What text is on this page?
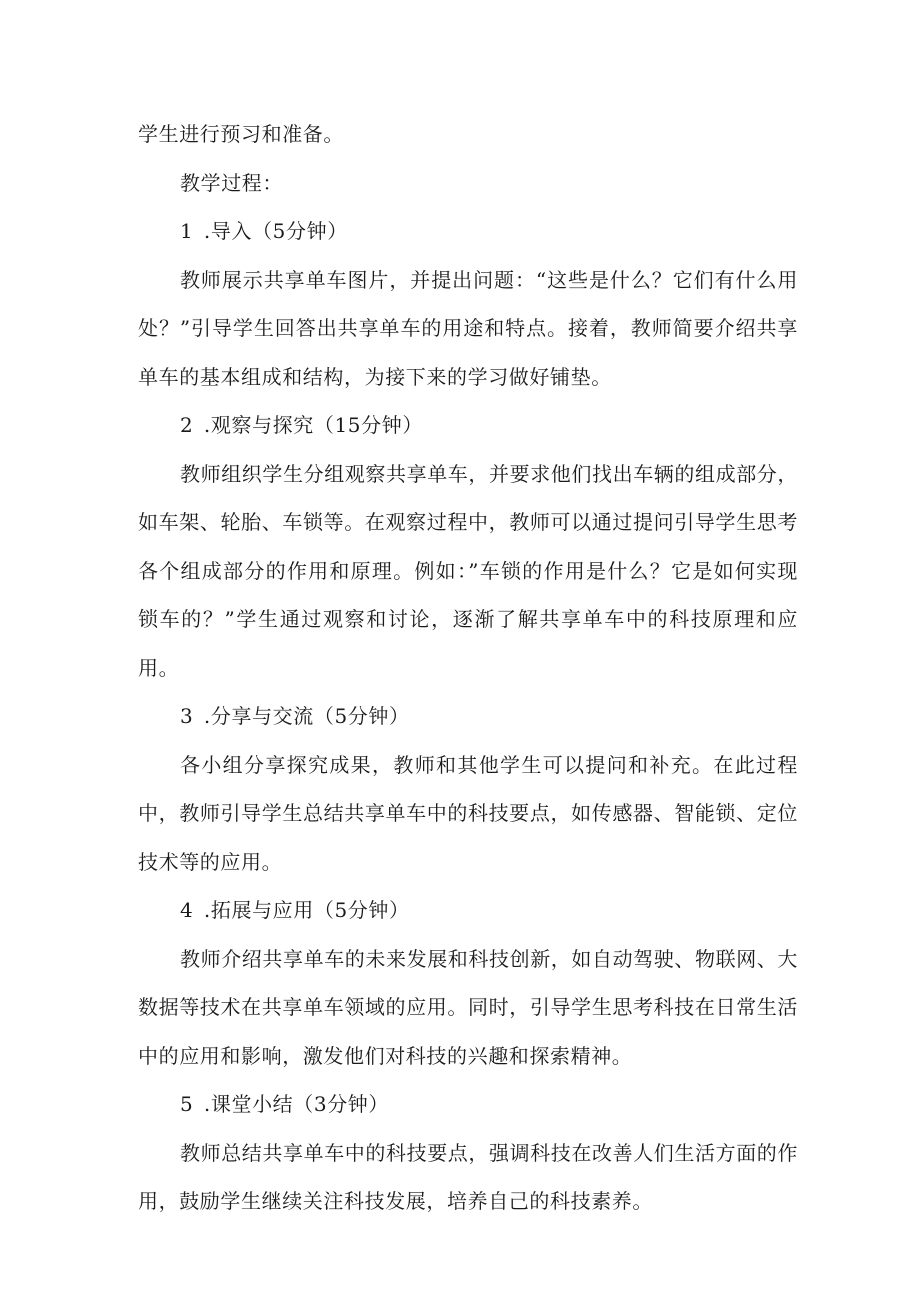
学生进行预习和准备。

教学过程：

1 .导入（5分钟）

教师展示共享单车图片，并提出问题：“这些是什么？它们有什么用处？”引导学生回答出共享单车的用途和特点。接着，教师简要介绍共享单车的基本组成和结构，为接下来的学习做好铺垫。

2 .观察与探究（15分钟）

教师组织学生分组观察共享单车，并要求他们找出车辆的组成部分，如车架、轮胎、车锁等。在观察过程中，教师可以通过提问引导学生思考各个组成部分的作用和原理。例如：”车锁的作用是什么？它是如何实现锁车的？”学生通过观察和讨论，逐渐了解共享单车中的科技原理和应用。

3 .分享与交流（5分钟）

各小组分享探究成果，教师和其他学生可以提问和补充。在此过程中，教师引导学生总结共享单车中的科技要点，如传感器、智能锁、定位技术等的应用。

4 .拓展与应用（5分钟）

教师介绍共享单车的未来发展和科技创新，如自动驾驶、物联网、大数据等技术在共享单车领域的应用。同时，引导学生思考科技在日常生活中的应用和影响，激发他们对科技的兴趣和探索精神。

5 .课堂小结（3分钟）

教师总结共享单车中的科技要点，强调科技在改善人们生活方面的作用，鼓励学生继续关注科技发展，培养自己的科技素养。
